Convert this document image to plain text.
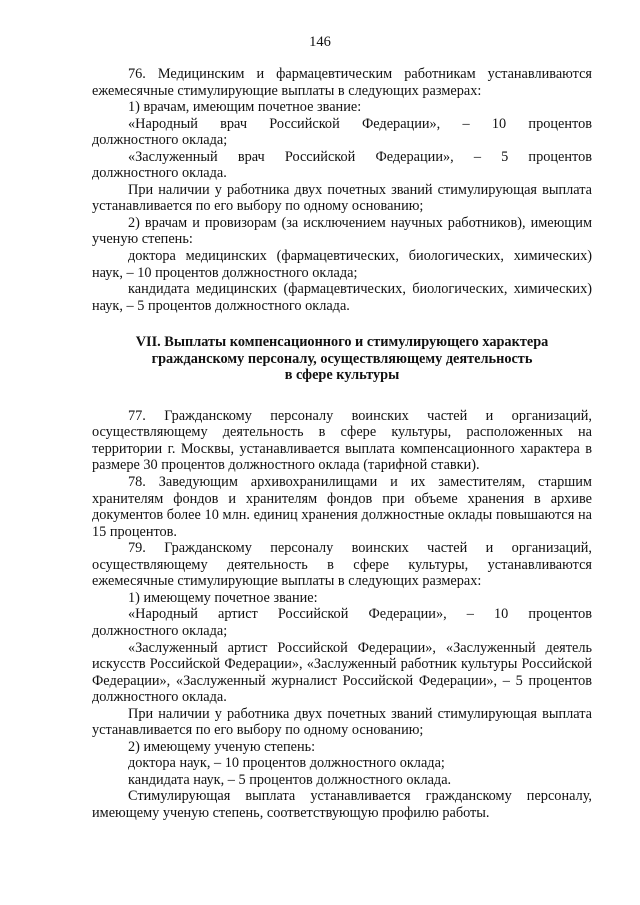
146

76. Медицинским и фармацевтическим работникам устанавливаются ежемесячные стимулирующие выплаты в следующих размерах:

1) врачам, имеющим почетное звание:

«Народный врач Российской Федерации», – 10 процентов

должностного оклада;

«Заслуженный врач Российской Федерации», – 5 процентов

должностного оклада.

При наличии у работника двух почетных званий стимулирующая выплата устанавливается по его выбору по одному основанию;

2) врачам и провизорам (за исключением научных работников), имеющим ученую степень:

доктора медицинских (фармацевтических, биологических, химических) наук, – 10 процентов должностного оклада;

кандидата медицинских (фармацевтических, биологических, химических) наук, – 5 процентов должностного оклада.

VII. Выплаты компенсационного и стимулирующего характера
гражданскому персоналу, осуществляющему деятельность
в сфере культуры

77. Гражданскому персоналу воинских частей и организаций, осуществляющему деятельность в сфере культуры, расположенных на территории г. Москвы, устанавливается выплата компенсационного характера в размере 30 процентов должностного оклада (тарифной ставки).

78. Заведующим архивохранилищами и их заместителям, старшим хранителям фондов и хранителям фондов при объеме хранения в архиве документов более 10 млн. единиц хранения должностные оклады повышаются на 15 процентов.

79. Гражданскому персоналу воинских частей и организаций, осуществляющему деятельность в сфере культуры, устанавливаются ежемесячные стимулирующие выплаты в следующих размерах:

1) имеющему почетное звание:

«Народный артист Российской Федерации», – 10 процентов

должностного оклада;

«Заслуженный артист Российской Федерации», «Заслуженный деятель искусств Российской Федерации», «Заслуженный работник культуры Российской Федерации», «Заслуженный журналист Российской Федерации», – 5 процентов должностного оклада.

При наличии у работника двух почетных званий стимулирующая выплата устанавливается по его выбору по одному основанию;

2) имеющему ученую степень:

доктора наук, – 10 процентов должностного оклада;

кандидата наук, – 5 процентов должностного оклада.

Стимулирующая выплата устанавливается гражданскому персоналу, имеющему ученую степень, соответствующую профилю работы.
